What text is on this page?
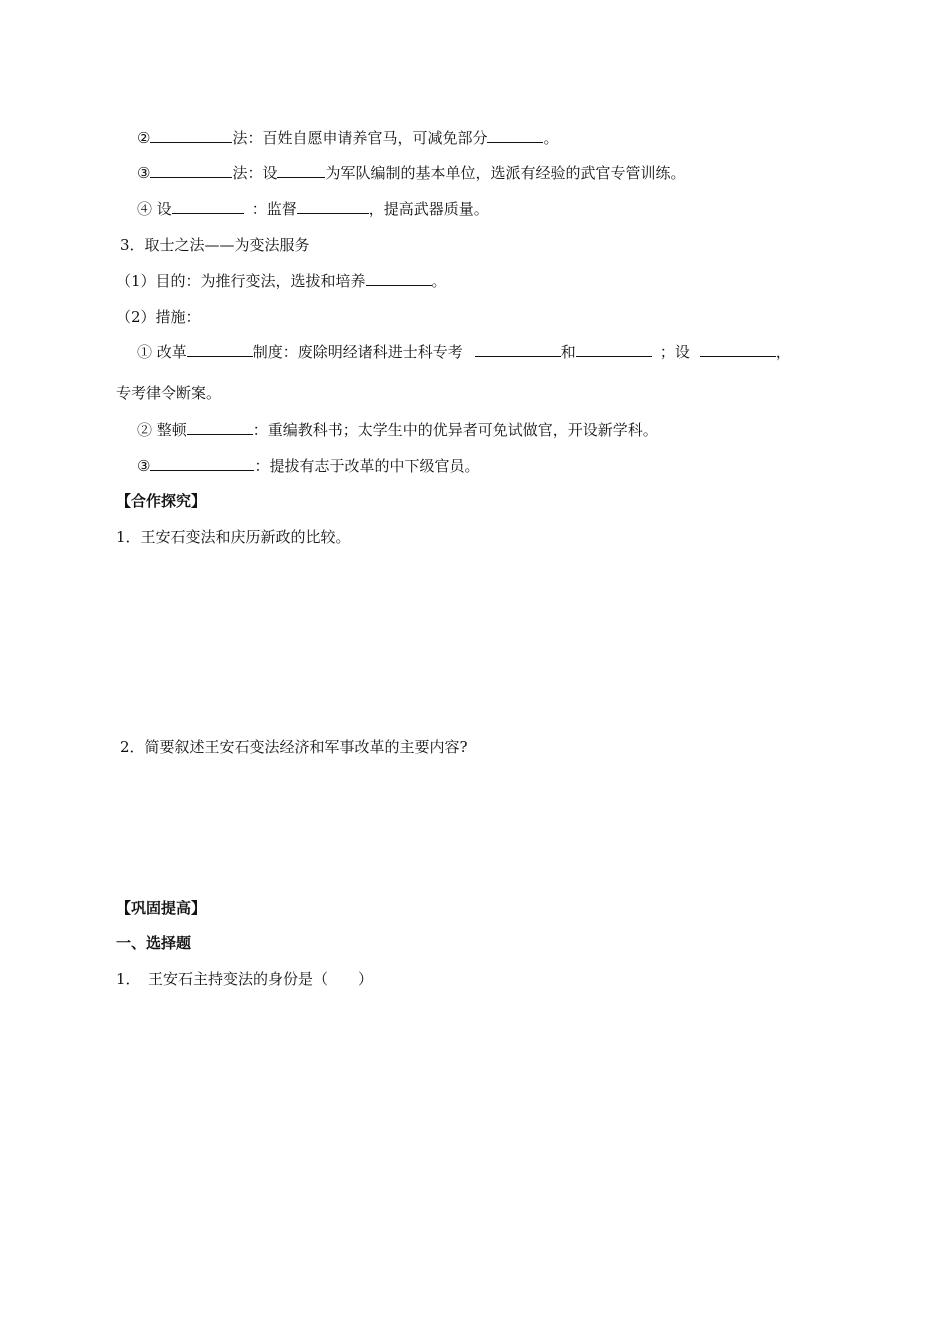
②	法：百姓自愿申请养官马，可减免部分	。
③	法：设	为军队编制的基本单位，选派有经验的武官专管训练。
④ 设	：监督	，提高武器质量。
3．取士之法——为变法服务
（1）目的：为推行变法，选拔和培养	。
（2）措施：
① 改革	制度：废除明经诸科进士科专考	和	；设	，
专考律令断案。
② 整顿	：重编教科书；太学生中的优异者可免试做官，开设新学科。
③	：提拔有志于改革的中下级官员。
【合作探究】
1．王安石变法和庆历新政的比较。
2．简要叙述王安石变法经济和军事改革的主要内容?
【巩固提高】
一、选择题
1．　王安石主持变法的身份是（　　）
